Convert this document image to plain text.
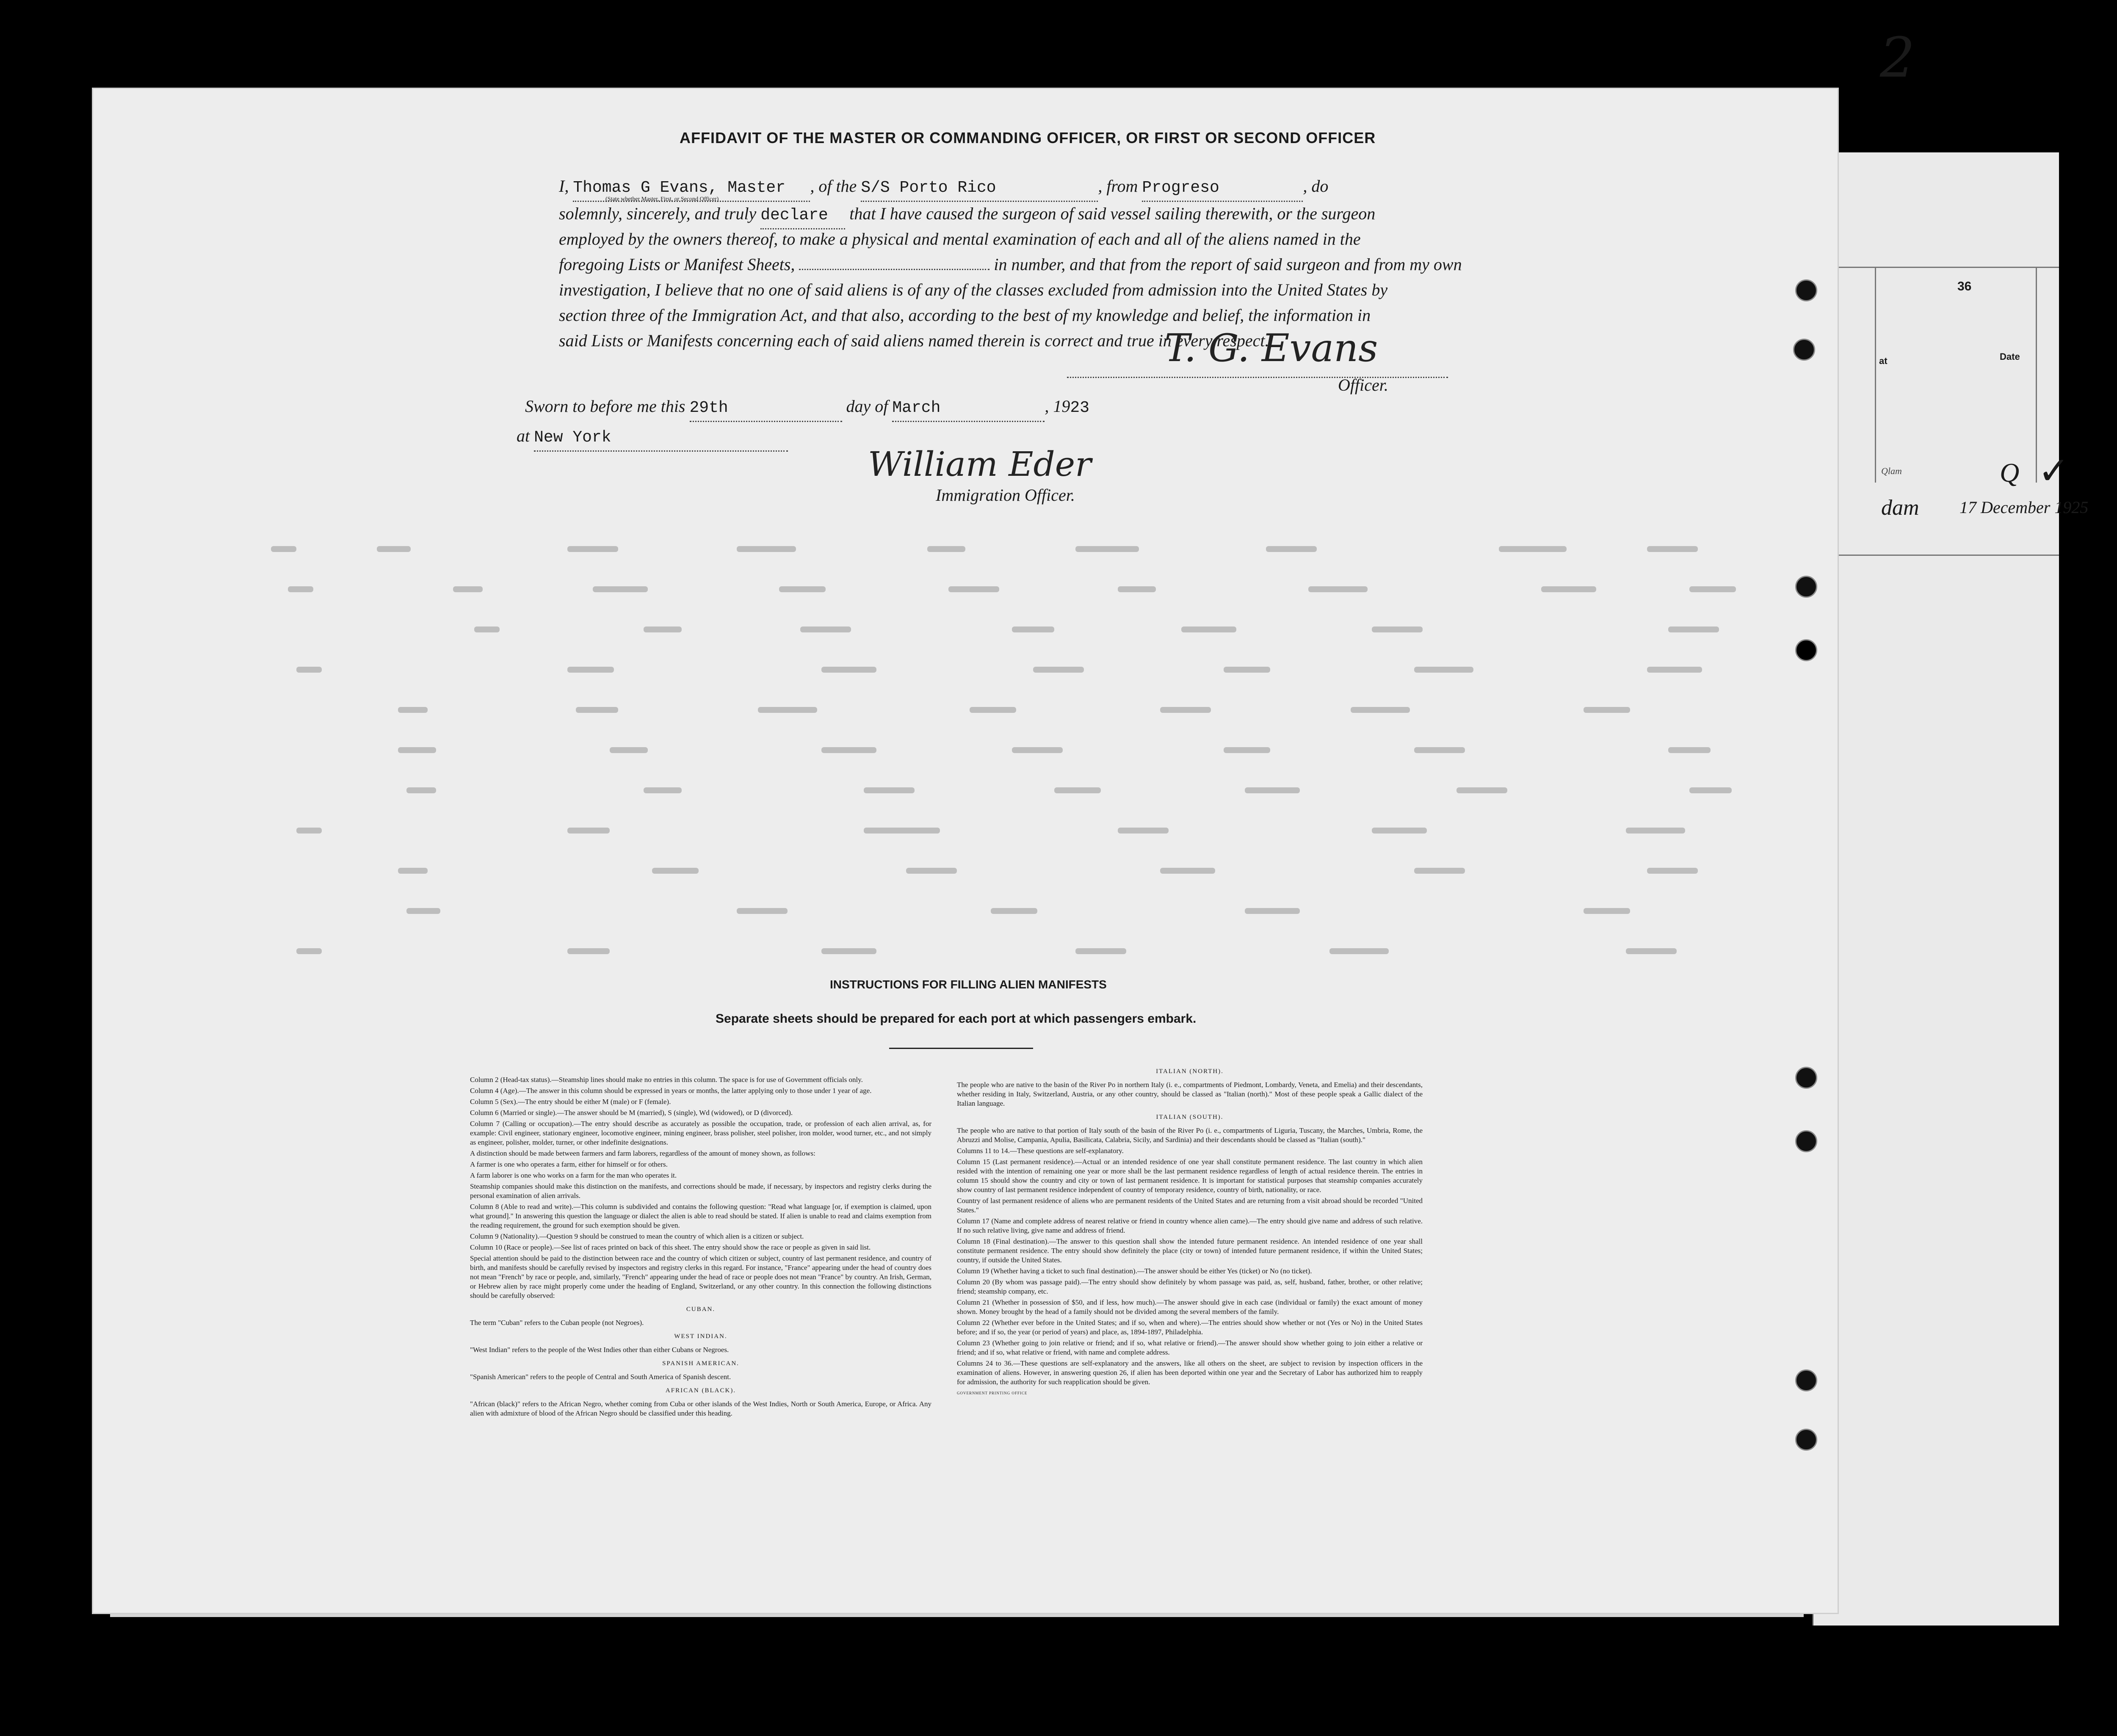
36
at	Date
Qlam
dam
Q
17 December 1925
✓
2
AFFIDAVIT OF THE MASTER OR COMMANDING OFFICER, OR FIRST OR SECOND OFFICER
I, Thomas G Evans, Master , of the S/S Porto Rico	, from Progreso	, do
(State whether Master, First, or Second Officer)
solemnly, sincerely, and truly declare that I have caused the surgeon of said vessel sailing therewith, or the surgeon
employed by the owners thereof, to make a physical and mental examination of each and all of the aliens named in the
foregoing Lists or Manifest Sheets,	in number, and that from the report of said surgeon and from my own
investigation, I believe that no one of said aliens is of any of the classes excluded from admission into the United States by
section three of the Immigration Act, and that also, according to the best of my knowledge and belief, the information in
said Lists or Manifests concerning each of said aliens named therein is correct and true in every respect.
T. G. Evans
Officer.
Sworn to before me this 29th	day of March	, 1923
at New York
William Eder
Immigration Officer.
INSTRUCTIONS FOR FILLING ALIEN MANIFESTS
Separate sheets should be prepared for each port at which passengers embark.

Column 2 (Head-tax status).—Steamship lines should make no entries in this column. The space is for use of Government officials only.

Column 4 (Age).—The answer in this column should be expressed in years or months, the latter applying only to those under 1 year of age.

Column 5 (Sex).—The entry should be either M (male) or F (female).

Column 6 (Married or single).—The answer should be M (married), S (single), Wd (widowed), or D (divorced).

Column 7 (Calling or occupation).—The entry should describe as accurately as possible the occupation, trade, or profession of each alien arrival, as, for example: Civil engineer, stationary engineer, locomotive engineer, mining engineer, brass polisher, steel polisher, iron molder, wood turner, etc., and not simply as engineer, polisher, molder, turner, or other indefinite designations.

A distinction should be made between farmers and farm laborers, regardless of the amount of money shown, as follows:

A farmer is one who operates a farm, either for himself or for others.

A farm laborer is one who works on a farm for the man who operates it.

Steamship companies should make this distinction on the manifests, and corrections should be made, if necessary, by inspectors and registry clerks during the personal examination of alien arrivals.

Column 8 (Able to read and write).—This column is subdivided and contains the following question: "Read what language [or, if exemption is claimed, upon what ground]." In answering this question the language or dialect the alien is able to read should be stated. If alien is unable to read and claims exemption from the reading requirement, the ground for such exemption should be given.

Column 9 (Nationality).—Question 9 should be construed to mean the country of which alien is a citizen or subject.

Column 10 (Race or people).—See list of races printed on back of this sheet. The entry should show the race or people as given in said list.

Special attention should be paid to the distinction between race and the country of which citizen or subject, country of last permanent residence, and country of birth, and manifests should be carefully revised by inspectors and registry clerks in this regard. For instance, "France" appearing under the head of country does not mean "French" by race or people, and, similarly, "French" appearing under the head of race or people does not mean "France" by country. An Irish, German, or Hebrew alien by race might properly come under the heading of England, Switzerland, or any other country. In this connection the following distinctions should be carefully observed:

CUBAN.

The term "Cuban" refers to the Cuban people (not Negroes).

WEST INDIAN.

"West Indian" refers to the people of the West Indies other than either Cubans or Negroes.

SPANISH AMERICAN.

"Spanish American" refers to the people of Central and South America of Spanish descent.

AFRICAN (BLACK).

"African (black)" refers to the African Negro, whether coming from Cuba or other islands of the West Indies, North or South America, Europe, or Africa. Any alien with admixture of blood of the African Negro should be classified under this heading.

ITALIAN (NORTH).

The people who are native to the basin of the River Po in northern Italy (i. e., compartments of Piedmont, Lombardy, Veneta, and Emelia) and their descendants, whether residing in Italy, Switzerland, Austria, or any other country, should be classed as "Italian (north)." Most of these people speak a Gallic dialect of the Italian language.

ITALIAN (SOUTH).

The people who are native to that portion of Italy south of the basin of the River Po (i. e., compartments of Liguria, Tuscany, the Marches, Umbria, Rome, the Abruzzi and Molise, Campania, Apulia, Basilicata, Calabria, Sicily, and Sardinia) and their descendants should be classed as "Italian (south)."

Columns 11 to 14.—These questions are self-explanatory.

Column 15 (Last permanent residence).—Actual or an intended residence of one year shall constitute permanent residence. The last country in which alien resided with the intention of remaining one year or more shall be the last permanent residence regardless of length of actual residence therein. The entries in column 15 should show the country and city or town of last permanent residence. It is important for statistical purposes that steamship companies accurately show country of last permanent residence independent of country of temporary residence, country of birth, nationality, or race.

Country of last permanent residence of aliens who are permanent residents of the United States and are returning from a visit abroad should be recorded "United States."

Column 17 (Name and complete address of nearest relative or friend in country whence alien came).—The entry should give name and address of such relative. If no such relative living, give name and address of friend.

Column 18 (Final destination).—The answer to this question shall show the intended future permanent residence. An intended residence of one year shall constitute permanent residence. The entry should show definitely the place (city or town) of intended future permanent residence, if within the United States; country, if outside the United States.

Column 19 (Whether having a ticket to such final destination).—The answer should be either Yes (ticket) or No (no ticket).

Column 20 (By whom was passage paid).—The entry should show definitely by whom passage was paid, as, self, husband, father, brother, or other relative; friend; steamship company, etc.

Column 21 (Whether in possession of $50, and if less, how much).—The answer should give in each case (individual or family) the exact amount of money shown. Money brought by the head of a family should not be divided among the several members of the family.

Column 22 (Whether ever before in the United States; and if so, when and where).—The entries should show whether or not (Yes or No) in the United States before; and if so, the year (or period of years) and place, as, 1894-1897, Philadelphia.

Column 23 (Whether going to join relative or friend; and if so, what relative or friend).—The answer should show whether going to join either a relative or friend; and if so, what relative or friend, with name and complete address.

Columns 24 to 36.—These questions are self-explanatory and the answers, like all others on the sheet, are subject to revision by inspection officers in the examination of aliens. However, in answering question 26, if alien has been deported within one year and the Secretary of Labor has authorized him to reapply for admission, the authority for such reapplication should be given.

GOVERNMENT PRINTING OFFICE
